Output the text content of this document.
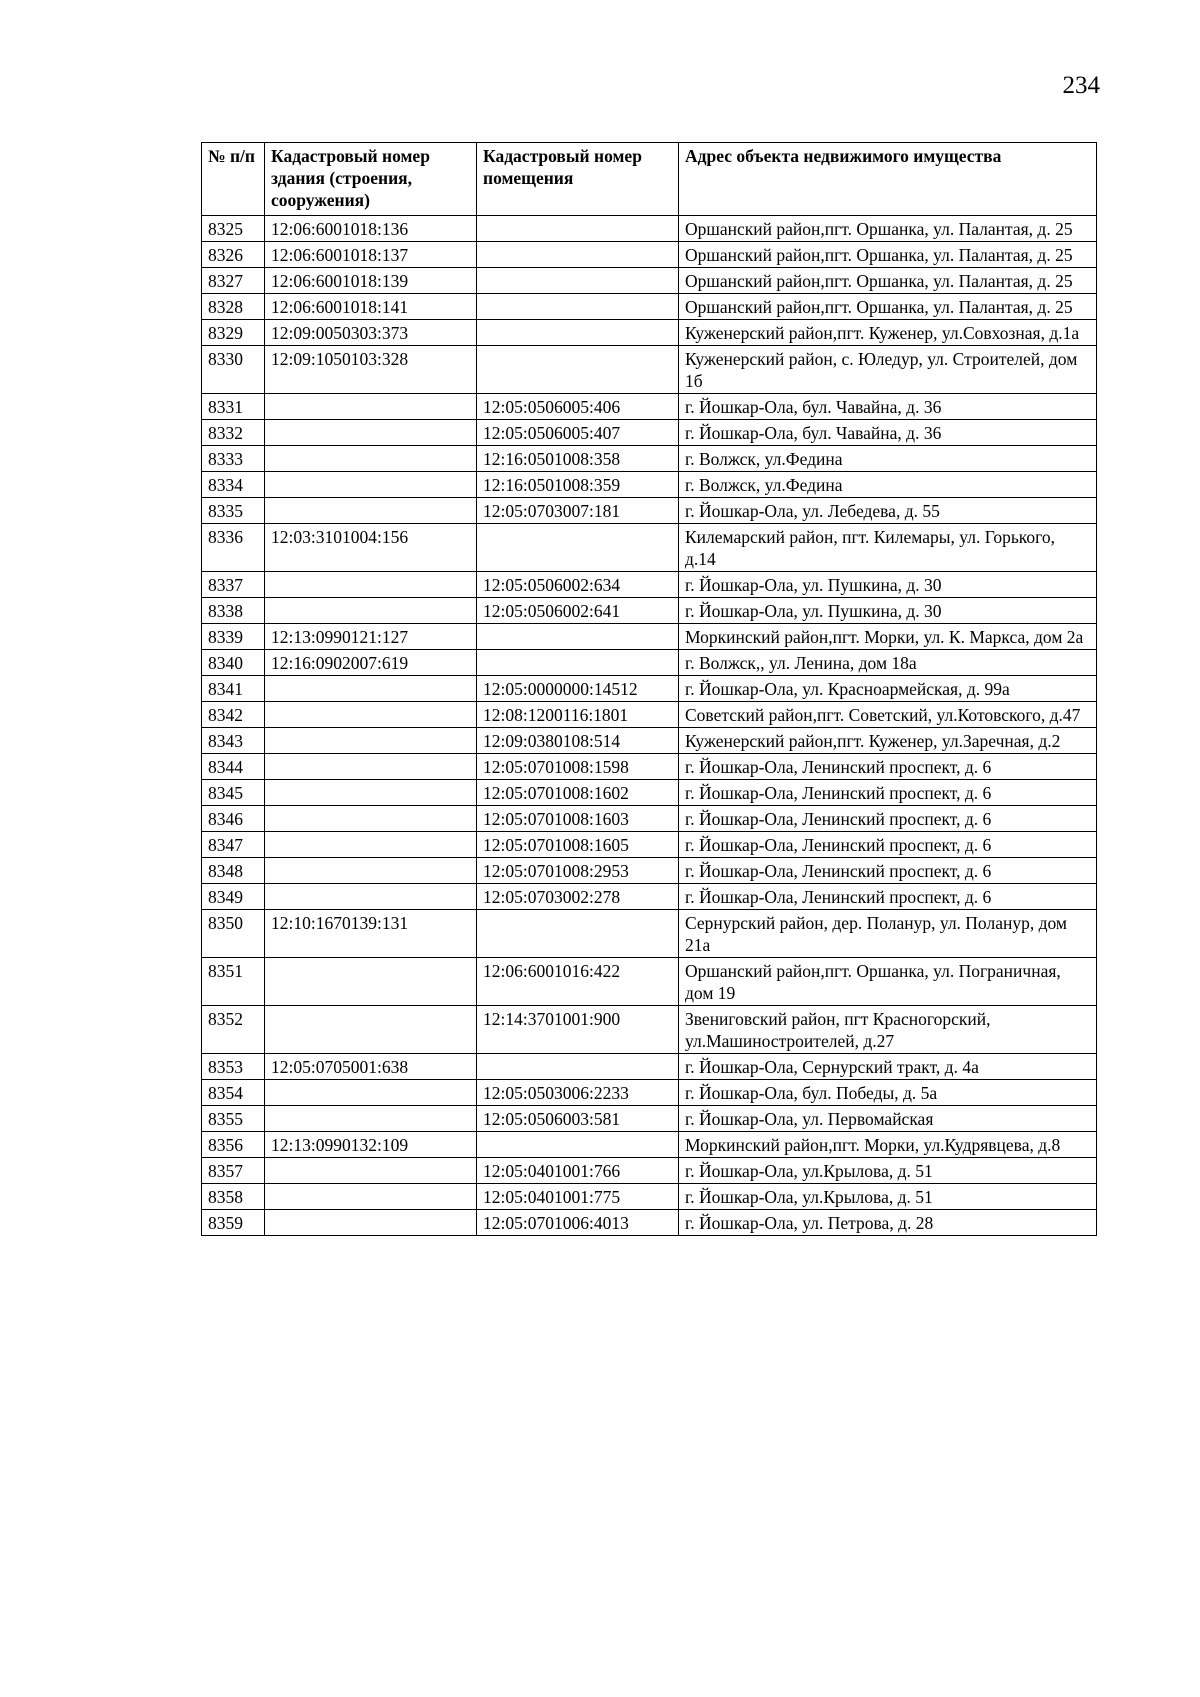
234
№ п/п	Кадастровый номер здания (строения, сооружения)	Кадастровый номер помещения	Адрес объекта недвижимого имущества
8325	12:06:6001018:136		Оршанский район,пгт. Оршанка, ул. Палантая, д. 25
8326	12:06:6001018:137		Оршанский район,пгт. Оршанка, ул. Палантая, д. 25
8327	12:06:6001018:139		Оршанский район,пгт. Оршанка, ул. Палантая, д. 25
8328	12:06:6001018:141		Оршанский район,пгт. Оршанка, ул. Палантая, д. 25
8329	12:09:0050303:373		Куженерский район,пгт. Куженер, ул.Совхозная, д.1а
8330	12:09:1050103:328		Куженерский район, с. Юледур, ул. Строителей, дом 1б
8331		12:05:0506005:406	г. Йошкар-Ола, бул. Чавайна, д. 36
8332		12:05:0506005:407	г. Йошкар-Ола, бул. Чавайна, д. 36
8333		12:16:0501008:358	г. Волжск, ул.Федина
8334		12:16:0501008:359	г. Волжск, ул.Федина
8335		12:05:0703007:181	г. Йошкар-Ола, ул. Лебедева, д. 55
8336	12:03:3101004:156		Килемарский район, пгт. Килемары, ул. Горького, д.14
8337		12:05:0506002:634	г. Йошкар-Ола, ул. Пушкина, д. 30
8338		12:05:0506002:641	г. Йошкар-Ола, ул. Пушкина, д. 30
8339	12:13:0990121:127		Моркинский район,пгт. Морки, ул. К. Маркса, дом 2а
8340	12:16:0902007:619		г. Волжск,, ул. Ленина, дом 18а
8341		12:05:0000000:14512	г. Йошкар-Ола, ул. Красноармейская, д. 99а
8342		12:08:1200116:1801	Советский район,пгт. Советский, ул.Котовского, д.47
8343		12:09:0380108:514	Куженерский район,пгт. Куженер, ул.Заречная, д.2
8344		12:05:0701008:1598	г. Йошкар-Ола, Ленинский проспект, д. 6
8345		12:05:0701008:1602	г. Йошкар-Ола, Ленинский проспект, д. 6
8346		12:05:0701008:1603	г. Йошкар-Ола, Ленинский проспект, д. 6
8347		12:05:0701008:1605	г. Йошкар-Ола, Ленинский проспект, д. 6
8348		12:05:0701008:2953	г. Йошкар-Ола, Ленинский проспект, д. 6
8349		12:05:0703002:278	г. Йошкар-Ола, Ленинский проспект, д. 6
8350	12:10:1670139:131		Сернурский район, дер. Поланур, ул. Поланур, дом 21а
8351		12:06:6001016:422	Оршанский район,пгт. Оршанка, ул. Пограничная, дом 19
8352		12:14:3701001:900	Звениговский район, пгт Красногорский, ул.Машиностроителей, д.27
8353	12:05:0705001:638		г. Йошкар-Ола, Сернурский тракт, д. 4а
8354		12:05:0503006:2233	г. Йошкар-Ола, бул. Победы, д. 5а
8355		12:05:0506003:581	г. Йошкар-Ола, ул. Первомайская
8356	12:13:0990132:109		Моркинский район,пгт. Морки, ул.Кудрявцева, д.8
8357		12:05:0401001:766	г. Йошкар-Ола, ул.Крылова, д. 51
8358		12:05:0401001:775	г. Йошкар-Ола, ул.Крылова, д. 51
8359		12:05:0701006:4013	г. Йошкар-Ола, ул. Петрова, д. 28
